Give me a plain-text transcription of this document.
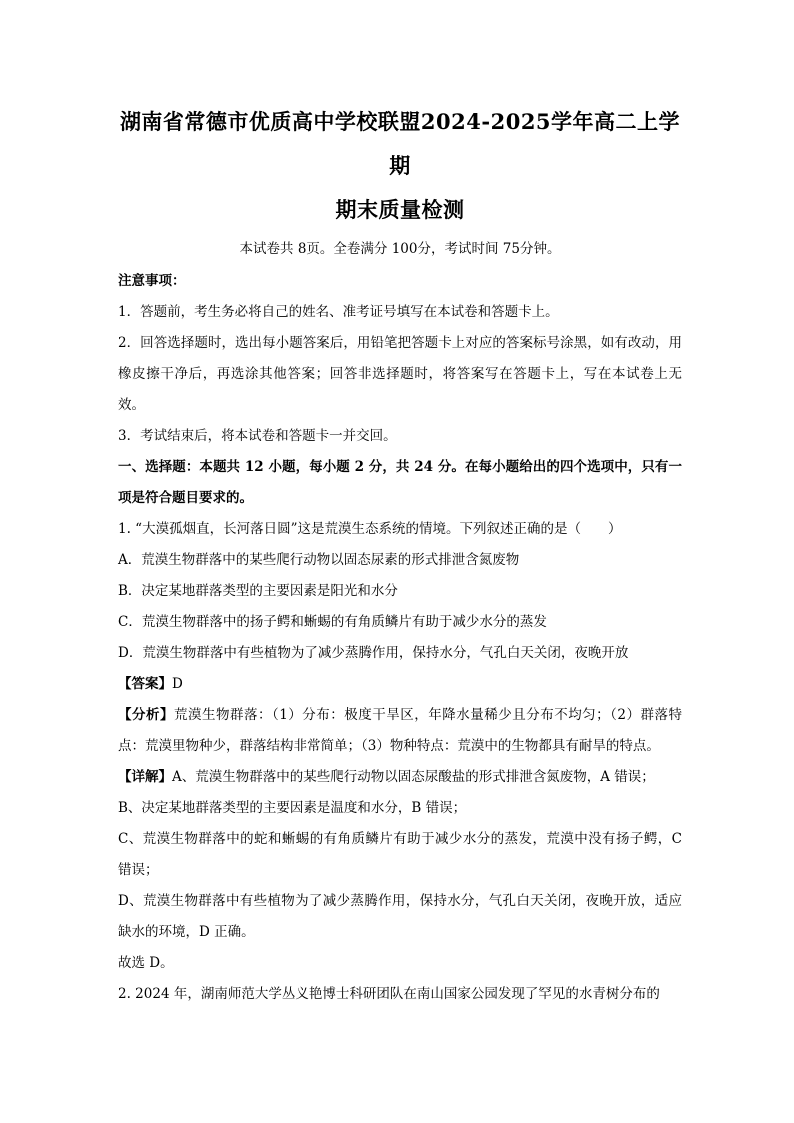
湖南省常德市优质高中学校联盟2024-2025学年高二上学期
期末质量检测
本试卷共 8页。全卷满分 100分，考试时间 75分钟。

注意事项：

1．答题前，考生务必将自己的姓名、准考证号填写在本试卷和答题卡上。

2．回答选择题时，选出每小题答案后，用铅笔把答题卡上对应的答案标号涂黑，如有改动，用橡皮擦干净后，再选涂其他答案；回答非选择题时，将答案写在答题卡上，写在本试卷上无效。

3．考试结束后，将本试卷和答题卡一并交回。

一、选择题：本题共 12 小题，每小题 2 分，共 24 分。在每小题给出的四个选项中，只有一项是符合题目要求的。

1. “大漠孤烟直，长河落日圆”这是荒漠生态系统的情境。下列叙述正确的是（　　）

A．荒漠生物群落中的某些爬行动物以固态尿素的形式排泄含氮废物

B．决定某地群落类型的主要因素是阳光和水分

C．荒漠生物群落中的扬子鳄和蜥蜴的有角质鳞片有助于减少水分的蒸发

D．荒漠生物群落中有些植物为了减少蒸腾作用，保持水分，气孔白天关闭，夜晚开放

【答案】D

【分析】荒漠生物群落：（1）分布：极度干旱区，年降水量稀少且分布不均匀；（2）群落特点：荒漠里物种少，群落结构非常简单；（3）物种特点：荒漠中的生物都具有耐旱的特点。

【详解】A、荒漠生物群落中的某些爬行动物以固态尿酸盐的形式排泄含氮废物，A 错误；

B、决定某地群落类型的主要因素是温度和水分，B 错误；

C、荒漠生物群落中的蛇和蜥蜴的有角质鳞片有助于减少水分的蒸发，荒漠中没有扬子鳄，C 错误；

D、荒漠生物群落中有些植物为了减少蒸腾作用，保持水分，气孔白天关闭，夜晚开放，适应缺水的环境，D 正确。

故选 D。

2. 2024 年，湖南师范大学丛义艳博士科研团队在南山国家公园发现了罕见的水青树分布的
